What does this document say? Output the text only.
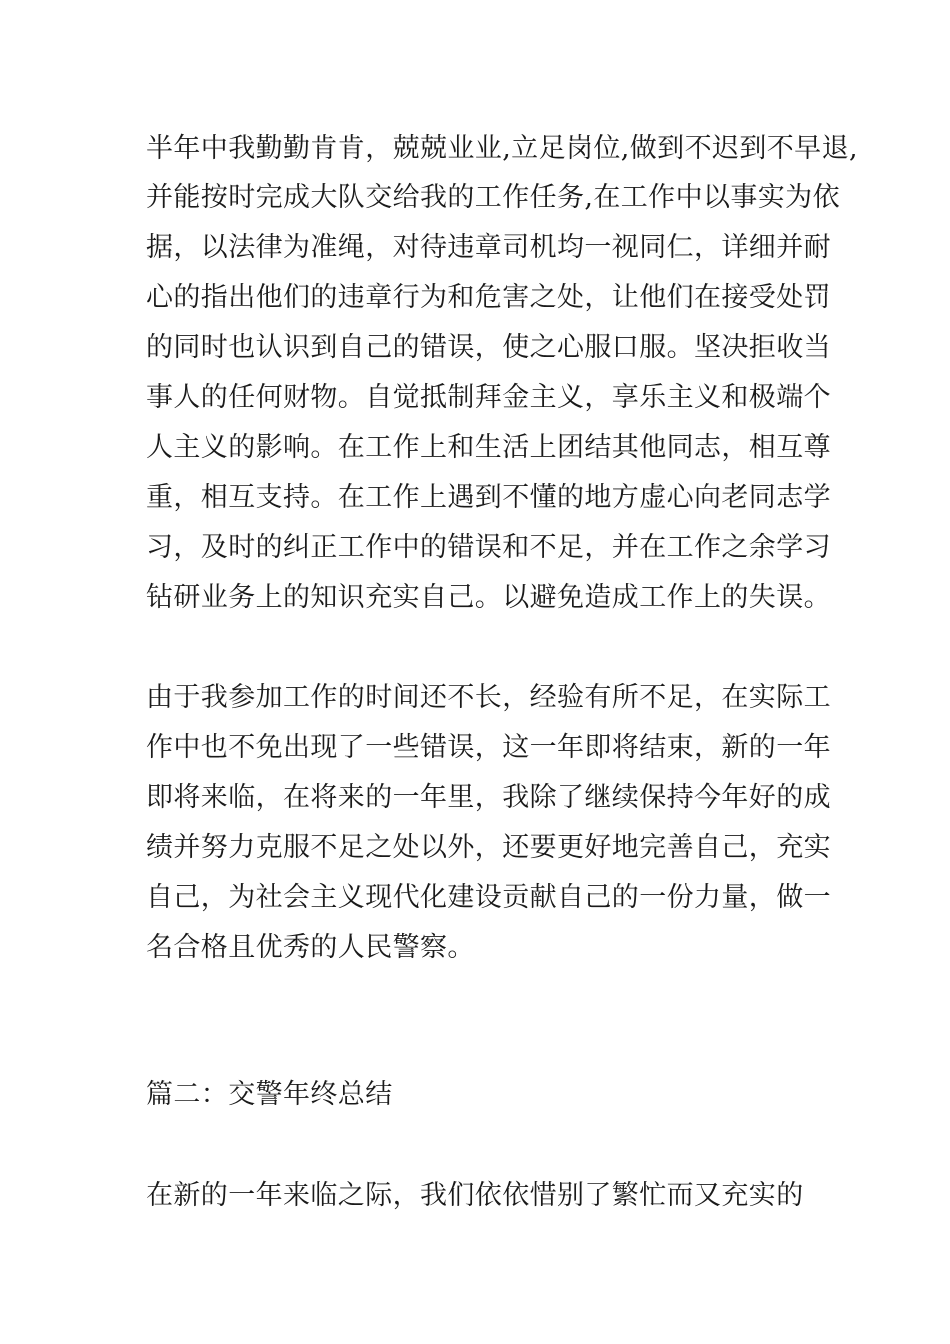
半年中我勤勤肯肯，兢兢业业,立足岗位,做到不迟到不早退,
并能按时完成大队交给我的工作任务,在工作中以事实为依
据，以法律为准绳，对待违章司机均一视同仁，详细并耐
心的指出他们的违章行为和危害之处，让他们在接受处罚
的同时也认识到自己的错误，使之心服口服。坚决拒收当
事人的任何财物。自觉抵制拜金主义，享乐主义和极端个
人主义的影响。在工作上和生活上团结其他同志，相互尊
重，相互支持。在工作上遇到不懂的地方虚心向老同志学
习，及时的纠正工作中的错误和不足，并在工作之余学习
钻研业务上的知识充实自己。以避免造成工作上的失误。
由于我参加工作的时间还不长，经验有所不足，在实际工
作中也不免出现了一些错误，这一年即将结束，新的一年
即将来临，在将来的一年里，我除了继续保持今年好的成
绩并努力克服不足之处以外，还要更好地完善自己，充实
自己，为社会主义现代化建设贡献自己的一份力量，做一
名合格且优秀的人民警察。
篇二：交警年终总结
在新的一年来临之际，我们依依惜别了繁忙而又充实的
